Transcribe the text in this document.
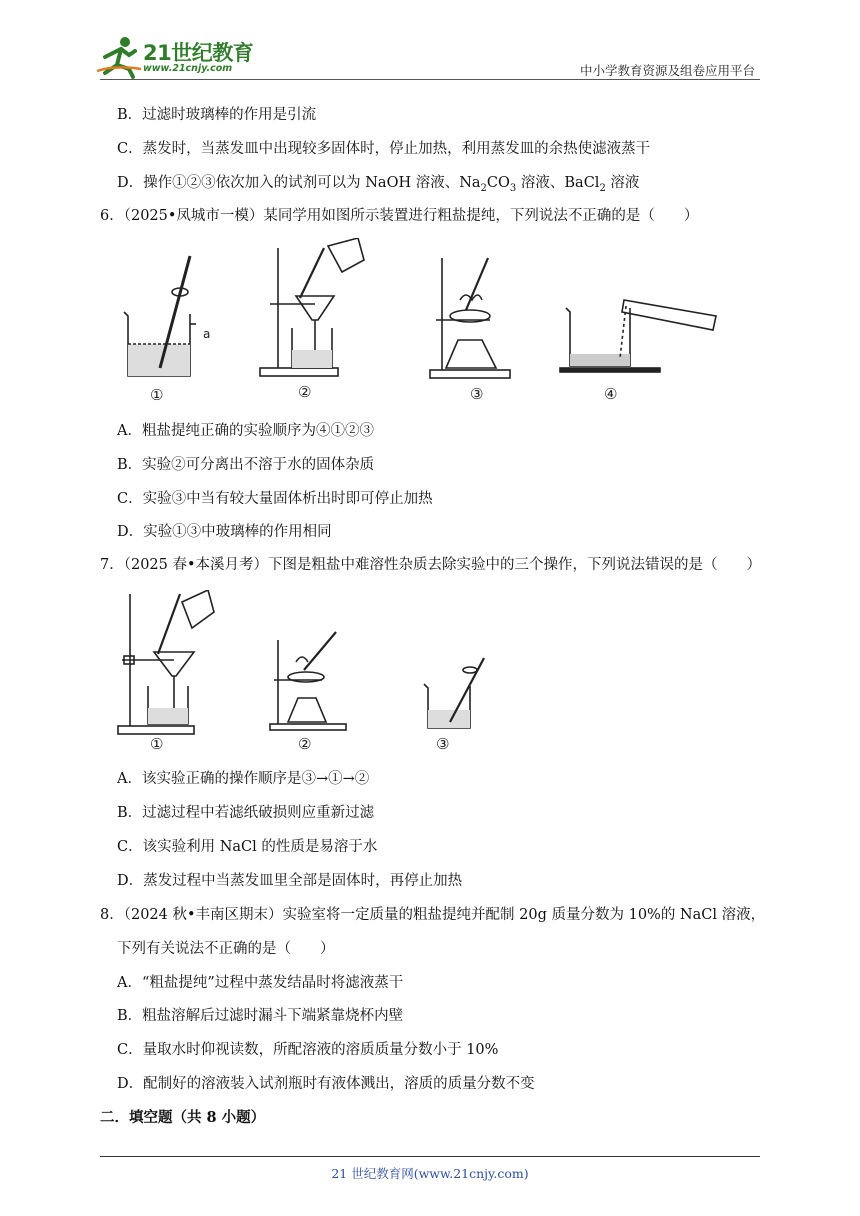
21世纪教育
www.21cnjy.com	中小学教育资源及组卷应用平台
B．过滤时玻璃棒的作用是引流
C．蒸发时，当蒸发皿中出现较多固体时，停止加热，利用蒸发皿的余热使滤液蒸干
D．操作①②③依次加入的试剂可以为 NaOH 溶液、$Na_2CO_3$ 溶液、BaCl$_2$ 溶液
6．（2025•凤城市一模）某同学用如图所示装置进行粗盐提纯，下列说法不正确的是（　　）
a
①	②	③	④
A．粗盐提纯正确的实验顺序为④①②③
B．实验②可分离出不溶于水的固体杂质
C．实验③中当有较大量固体析出时即可停止加热
D．实验①③中玻璃棒的作用相同
7．（2025 春•本溪月考）下图是粗盐中难溶性杂质去除实验中的三个操作，下列说法错误的是（　　）
①	②	③
A．该实验正确的操作顺序是③→①→②
B．过滤过程中若滤纸破损则应重新过滤
C．该实验利用 NaCl 的性质是易溶于水
D．蒸发过程中当蒸发皿里全部是固体时，再停止加热
8．（2024 秋•丰南区期末）实验室将一定质量的粗盐提纯并配制 20g 质量分数为 10%的 NaCl 溶液，
下列有关说法不正确的是（　　）
A．“粗盐提纯”过程中蒸发结晶时将滤液蒸干
B．粗盐溶解后过滤时漏斗下端紧靠烧杯内壁
C．量取水时仰视读数，所配溶液的溶质质量分数小于 10%
D．配制好的溶液装入试剂瓶时有液体溅出，溶质的质量分数不变
二．填空题（共 8 小题）
21 世纪教育网(www.21cnjy.com)
